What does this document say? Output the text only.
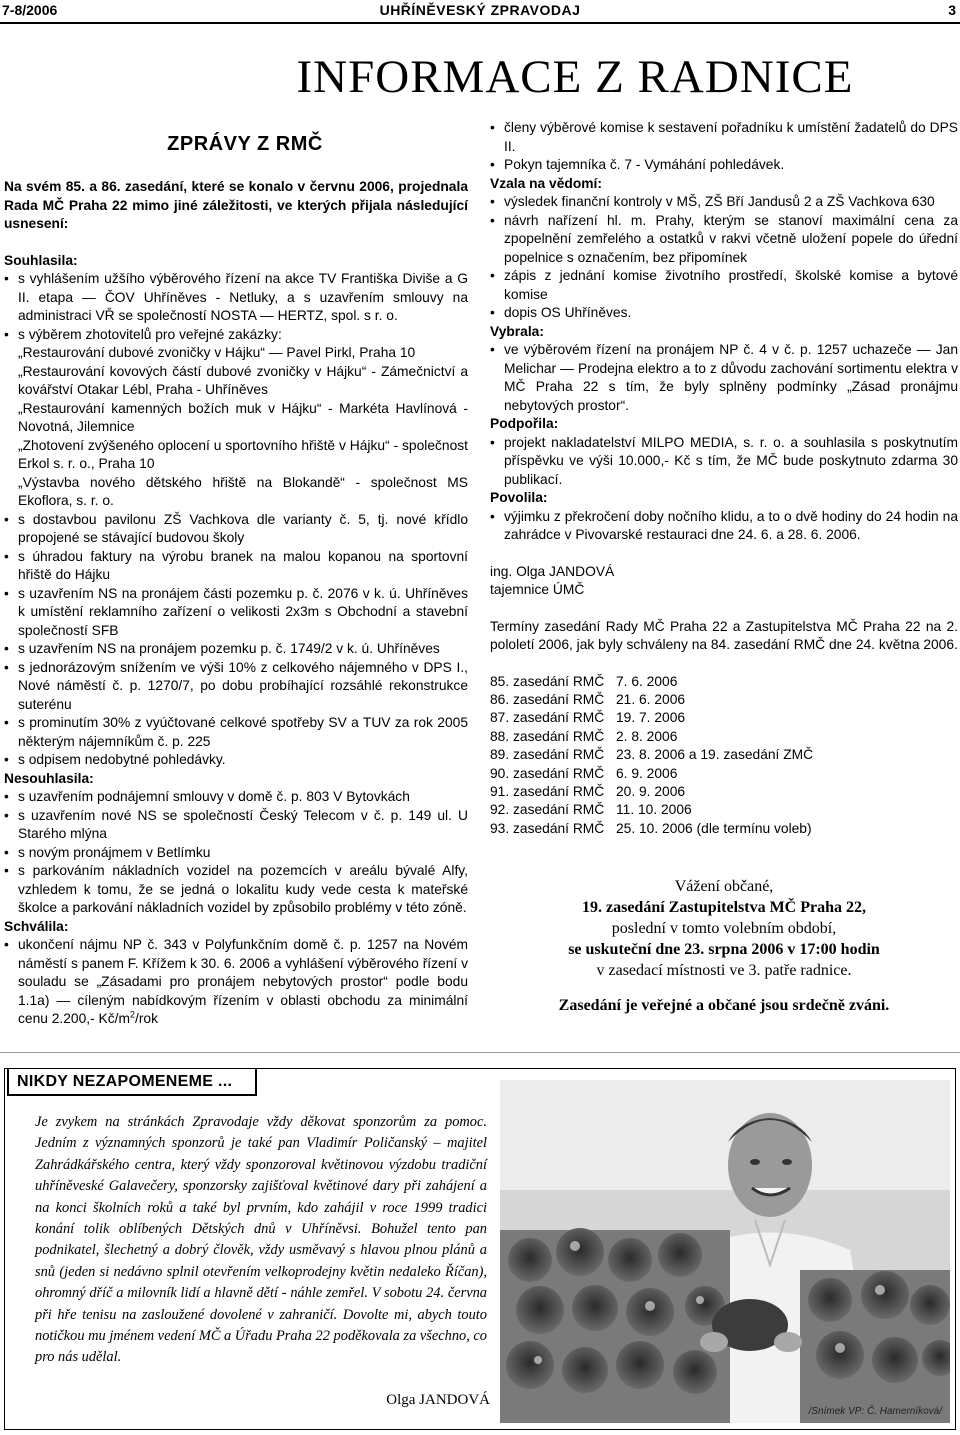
7-8/2006	UHŘÍNĚVESKÝ ZPRAVODAJ	3
INFORMACE Z RADNICE
ZPRÁVY Z RMČ

Na svém 85. a 86. zasedání, které se konalo v červnu 2006, projednala Rada MČ Praha 22 mimo jiné záležitosti, ve kterých přijala následující usnesení:

Souhlasila:

• s vyhlášením užšího výběrového řízení na akce TV Františka Diviše a G II. etapa — ČOV Uhříněves - Netluky, a s uzavřením smlouvy na administraci VŘ se společností NOSTA — HERTZ, spol. s r. o.
• s výběrem zhotovitelů pro veřejné zakázky:
„Restaurování dubové zvoničky v Hájku“ — Pavel Pirkl, Praha 10
„Restaurování kovových částí dubové zvoničky v Hájku“ - Zámečnictví a kovářství Otakar Lébl, Praha - Uhříněves
„Restaurování kamenných božích muk v Hájku“ - Markéta Havlínová - Novotná, Jilemnice
„Zhotovení zvýšeného oplocení u sportovního hřiště v Hájku“ - společnost Erkol s. r. o., Praha 10
„Výstavba nového dětského hřiště na Blokandě“ - společnost MS Ekoflora, s. r. o.
• s dostavbou pavilonu ZŠ Vachkova dle varianty č. 5, tj. nové křídlo propojené se stávající budovou školy
• s úhradou faktury na výrobu branek na malou kopanou na sportovní hřiště do Hájku
• s uzavřením NS na pronájem části pozemku p. č. 2076 v k. ú. Uhříněves k umístění reklamního zařízení o velikosti 2x3m s Obchodní a stavební společností SFB
• s uzavřením NS na pronájem pozemku p. č. 1749/2 v k. ú. Uhříněves
• s jednorázovým snížením ve výši 10% z celkového nájemného v DPS I., Nové náměstí č. p. 1270/7, po dobu probíhající rozsáhlé rekonstrukce suterénu
• s prominutím 30% z vyúčtované celkové spotřeby SV a TUV za rok 2005 některým nájemníkům č. p. 225
• s odpisem nedobytné pohledávky.

Nesouhlasila:

• s uzavřením podnájemní smlouvy v domě č. p. 803 V Bytovkách
• s uzavřením nové NS se společností Český Telecom v č. p. 149 ul. U Starého mlýna
• s novým pronájmem v Betlímku
• s parkováním nákladních vozidel na pozemcích v areálu bývalé Alfy, vzhledem k tomu, že se jedná o lokalitu kudy vede cesta k mateřské školce a parkování nákladních vozidel by způsobilo problémy v této zóně.

Schválila:

• ukončení nájmu NP č. 343 v Polyfunkčním domě č. p. 1257 na Novém náměstí s panem F. Křížem k 30. 6. 2006 a vyhlášení výběrového řízení v souladu se „Zásadami pro pronájem nebytových prostor“ podle bodu 1.1a) — cíleným nabídkovým řízením v oblasti obchodu za minimální cenu 2.200,- $Kč/m^2$/rok
• členy výběrové komise k sestavení pořadníku k umístění žadatelů do DPS II.
• Pokyn tajemníka č. 7 - Vymáhání pohledávek.

Vzala na vědomí:

• výsledek finanční kontroly v MŠ, ZŠ Bří Jandusů 2 a ZŠ Vachkova 630
• návrh nařízení hl. m. Prahy, kterým se stanoví maximální cena za zpopelnění zemřelého a ostatků v rakvi včetně uložení popele do úřední popelnice s označením, bez připomínek
• zápis z jednání komise životního prostředí, školské komise a bytové komise
• dopis OS Uhříněves.

Vybrala:

• ve výběrovém řízení na pronájem NP č. 4 v č. p. 1257 uchazeče — Jan Melichar — Prodejna elektro a to z důvodu zachování sortimentu elektra v MČ Praha 22 s tím, že byly splněny podmínky „Zásad pronájmu nebytových prostor“.

Podpořila:

• projekt nakladatelství MILPO MEDIA, s. r. o. a souhlasila s poskytnutím příspěvku ve výši 10.000,- Kč s tím, že MČ bude poskytnuto zdarma 30 publikací.

Povolila:

• výjimku z překročení doby nočního klidu, a to o dvě hodiny do 24 hodin na zahrádce v Pivovarské restauraci dne 24. 6. a 28. 6. 2006.

ing. Olga JANDOVÁ

tajemnice ÚMČ

Termíny zasedání Rady MČ Praha 22 a Zastupitelstva MČ Praha 22 na 2. pololetí 2006, jak byly schváleny na 84. zasedání RMČ dne 24. května 2006.

85. zasedání RMČ	7. 6. 2006
86. zasedání RMČ	21. 6. 2006
87. zasedání RMČ	19. 7. 2006
88. zasedání RMČ	2. 8. 2006
89. zasedání RMČ	23. 8. 2006 a 19. zasedání ZMČ
90. zasedání RMČ	6. 9. 2006
91. zasedání RMČ	20. 9. 2006
92. zasedání RMČ	11. 10. 2006
93. zasedání RMČ	25. 10. 2006 (dle termínu voleb)
Vážení občané,
19. zasedání Zastupitelstva MČ Praha 22,
poslední v tomto volebním období,
se uskuteční dne 23. srpna 2006 v 17:00 hodin
v zasedací místnosti ve 3. patře radnice.
Zasedání je veřejné a občané jsou srdečně zváni.
NIKDY NEZAPOMENEME ...
Je zvykem na stránkách Zpravodaje vždy děkovat sponzorům za pomoc. Jedním z významných sponzorů je také pan Vladimír Poličanský – majitel Zahrádkářského centra, který vždy sponzoroval květinovou výzdobu tradiční uhříněveské Galavečery, sponzorsky zajišťoval květinové dary při zahájení a na konci školních roků a také byl prvním, kdo zahájil v roce 1999 tradici konání tolik oblíbených Dětských dnů v Uhříněvsi. Bohužel tento pan podnikatel, šlechetný a dobrý člověk, vždy usměvavý s hlavou plnou plánů a snů (jeden si nedávno splnil otevřením velkoprodejny květin nedaleko Říčan), ohromný dříč a milovník lidí a hlavně dětí - náhle zemřel. V sobotu 24. června při hře tenisu na zasloužené dovolené v zahraničí. Dovolte mi, abych touto notičkou mu jménem vedení MČ a Úřadu Praha 22 poděkovala za všechno, co pro nás udělal.
Olga JANDOVÁ
/Snímek VP: Č. Hamerníková/
